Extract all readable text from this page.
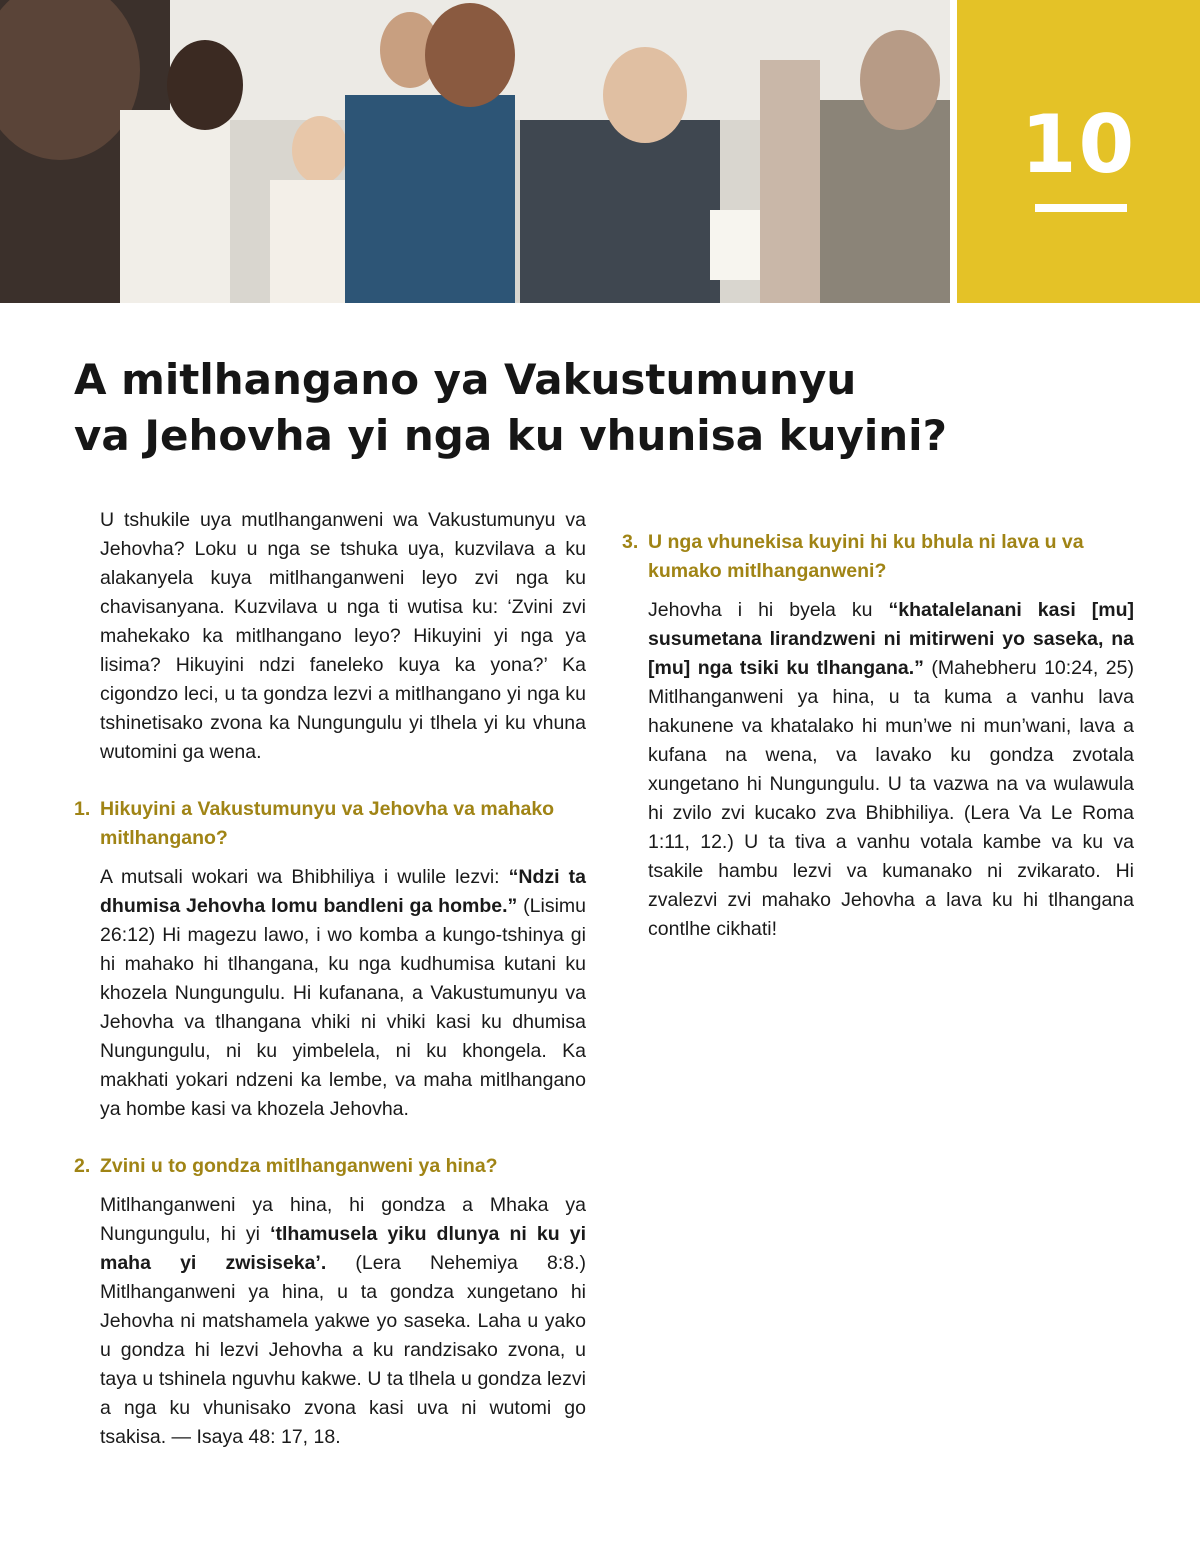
10
A mitlhangano ya Vakustumunyu
va Jehovha yi nga ku vhunisa kuyini?

U tshukile uya mutlhanganweni wa Vakustumunyu va Jehovha? Loku u nga se tshuka uya, kuzvilava a ku alakanyela kuya mitlhanganweni leyo zvi nga ku chavisanyana. Kuzvilava u nga ti wutisa ku: ‘Zvini zvi mahekako ka mitlhangano leyo? Hikuyini yi nga ya lisima? Hikuyini ndzi faneleko kuya ka yona?’ Ka cigondzo leci, u ta gondza lezvi a mitlhangano yi nga ku tshinetisako zvona ka Nungungulu yi tlhela yi ku vhuna wutomini ga wena.

1. Hikuyini a Vakustumunyu va Jehovha va mahako mitlhangano?

A mutsali wokari wa Bhibhiliya i wulile lezvi: “Ndzi ta dhumisa Jehovha lomu bandleni ga hombe.” (Lisimu 26:12) Hi magezu lawo, i wo komba a kungo-tshinya gi hi mahako hi tlhangana, ku nga kudhumisa kutani ku khozela Nungungulu. Hi kufanana, a Vakustumunyu va Jehovha va tlhangana vhiki ni vhiki kasi ku dhumisa Nungungulu, ni ku yimbelela, ni ku khongela. Ka makhati yokari ndzeni ka lembe, va maha mitlhangano ya hombe kasi va khozela Jehovha.

2. Zvini u to gondza mitlhanganweni ya hina?

Mitlhanganweni ya hina, hi gondza a Mhaka ya Nungungulu, hi yi ‘tlhamusela yiku dlunya ni ku yi maha yi zwisiseka’. (Lera Nehemiya 8:8.) Mitlhanganweni ya hina, u ta gondza xungetano hi Jehovha ni matshamela yakwe yo saseka. Laha u yako u gondza hi lezvi Jehovha a ku randzisako zvona, u taya u tshinela nguvhu kakwe. U ta tlhela u gondza lezvi a nga ku vhunisako zvona kasi uva ni wutomi go tsakisa. — Isaya 48: 17, 18.

3. U nga vhunekisa kuyini hi ku bhula ni lava u va kumako mitlhanganweni?

Jehovha i hi byela ku “khatalelanani kasi [mu] susumetana lirandzweni ni mitirweni yo saseka, na [mu] nga tsiki ku tlhangana.” (Mahebheru 10:24, 25) Mitlhanganweni ya hina, u ta kuma a vanhu lava hakunene va khatalako hi mun’we ni mun’wani, lava a kufana na wena, va lavako ku gondza zvotala xungetano hi Nungungulu. U ta vazwa na va wulawula hi zvilo zvi kucako zva Bhibhiliya. (Lera Va Le Roma 1:11, 12.) U ta tiva a vanhu votala kambe va ku va tsakile hambu lezvi va kumanako ni zvikarato. Hi zvalezvi zvi mahako Jehovha a lava ku hi tlhangana contlhe cikhati!
